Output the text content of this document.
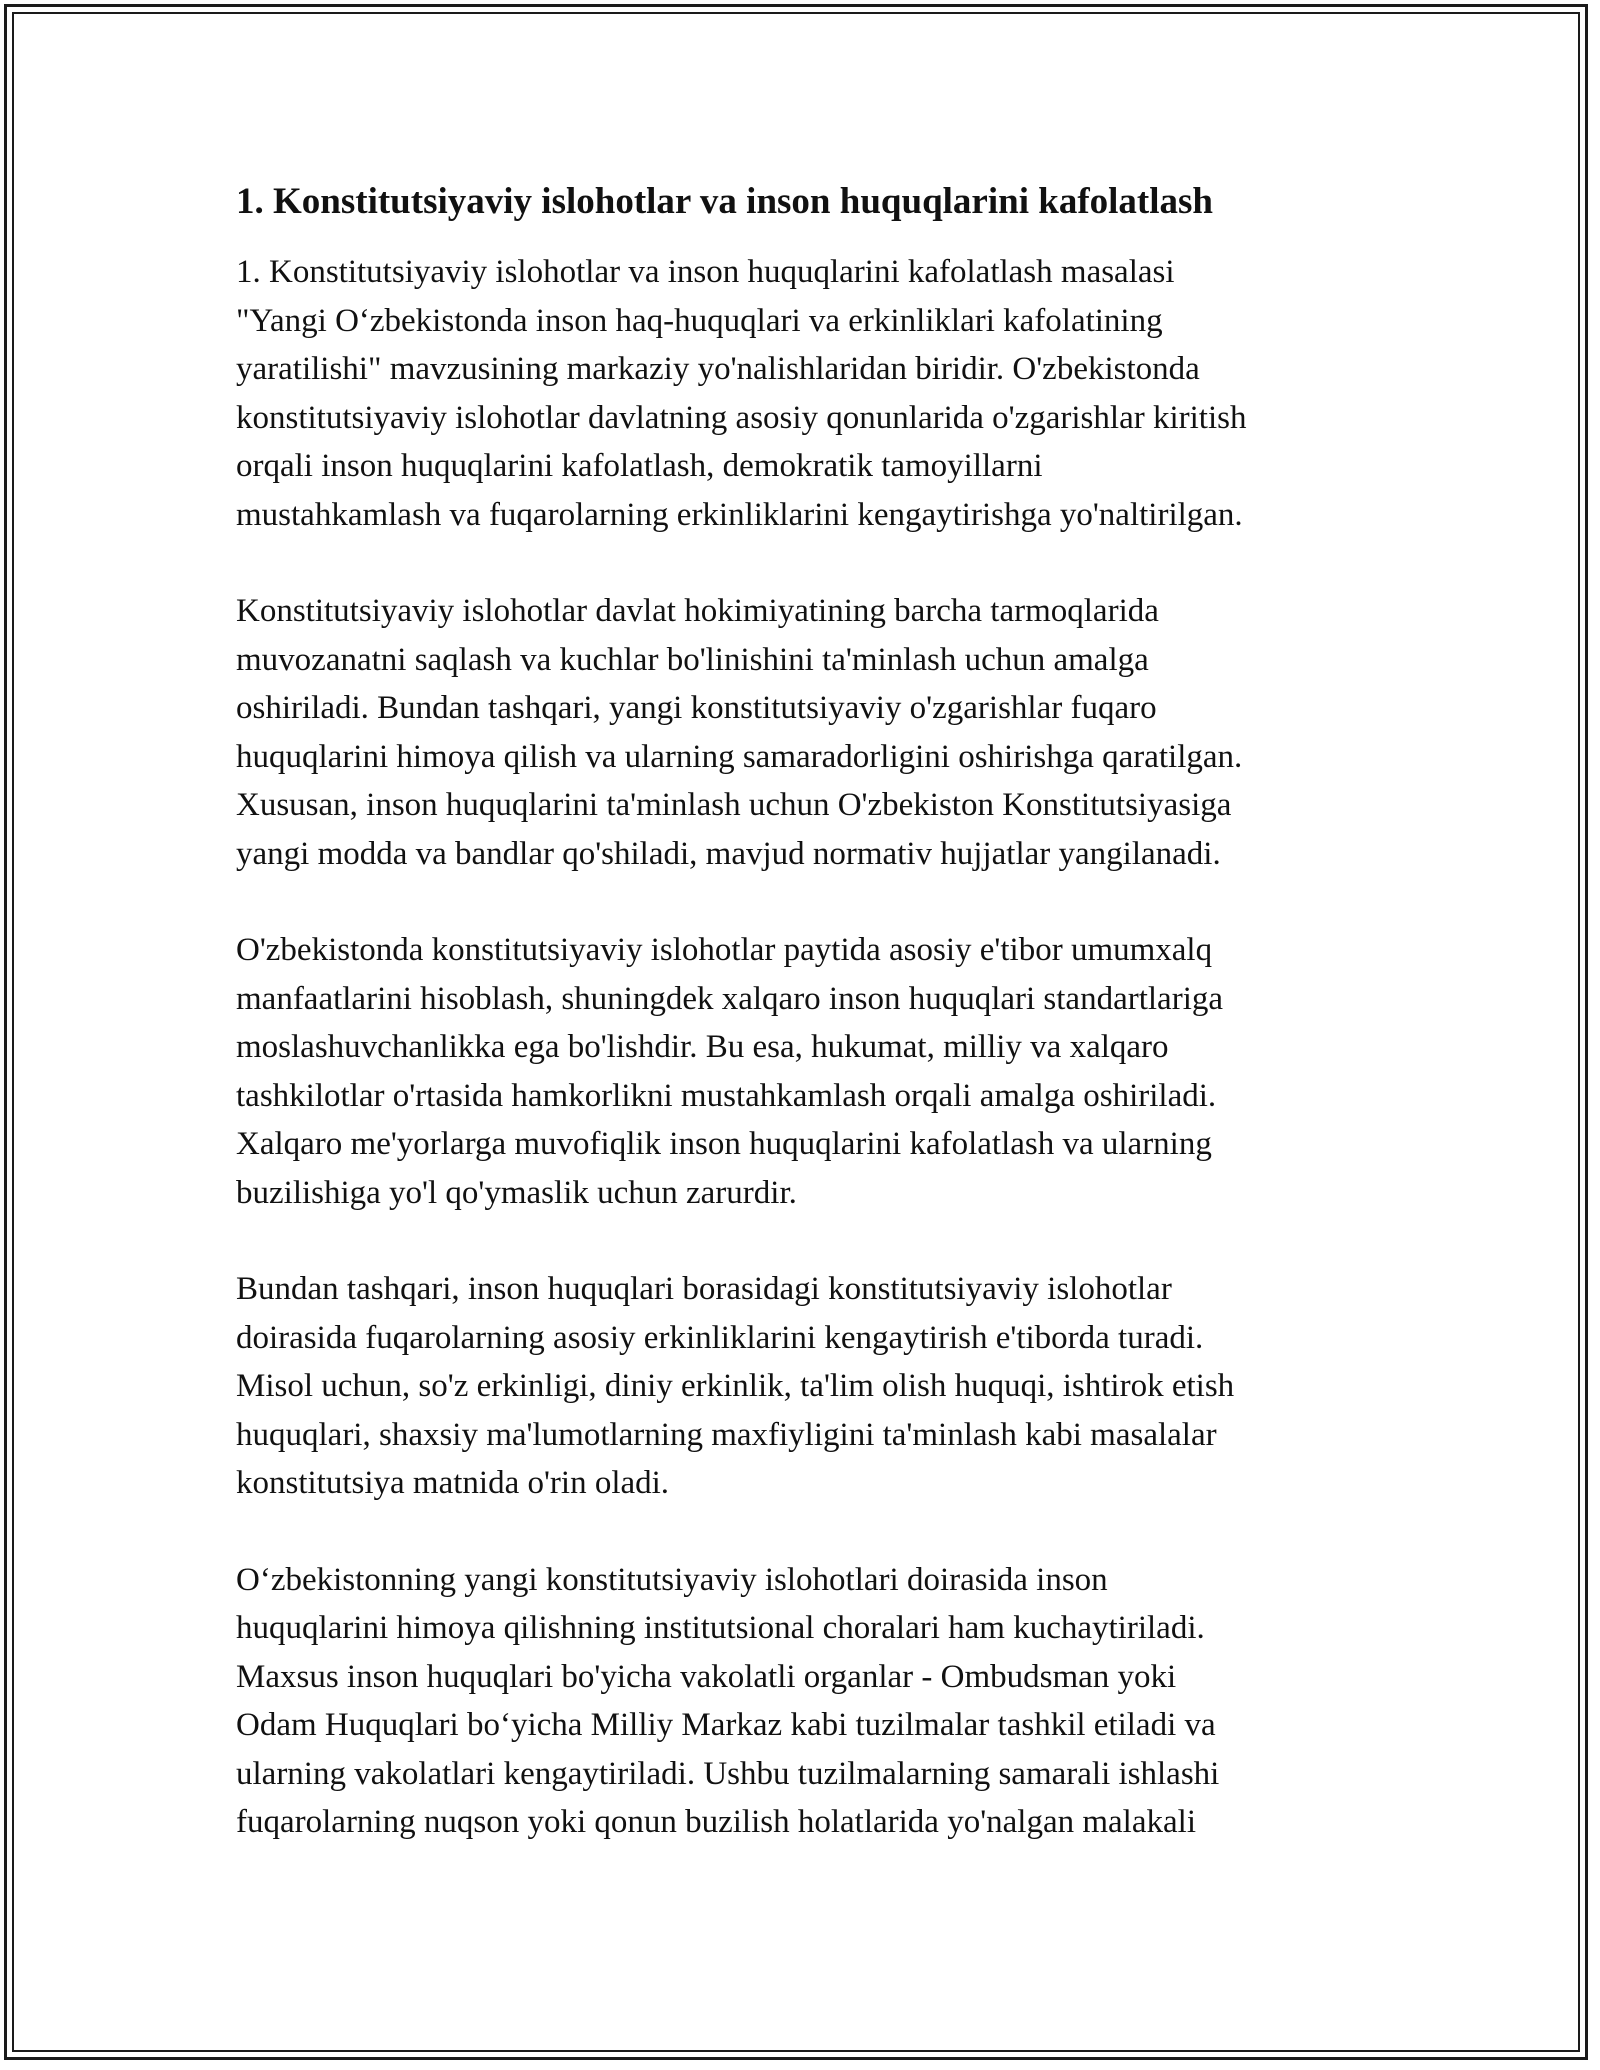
1. Konstitutsiyaviy islohotlar va inson huquqlarini kafolatlash
1. Konstitutsiyaviy islohotlar va inson huquqlarini kafolatlash masalasi
"Yangi O‘zbekistonda inson haq-huquqlari va erkinliklari kafolatining
yaratilishi" mavzusining markaziy yo'nalishlaridan biridir. O'zbekistonda
konstitutsiyaviy islohotlar davlatning asosiy qonunlarida o'zgarishlar kiritish
orqali inson huquqlarini kafolatlash, demokratik tamoyillarni
mustahkamlash va fuqarolarning erkinliklarini kengaytirishga yo'naltirilgan.
Konstitutsiyaviy islohotlar davlat hokimiyatining barcha tarmoqlarida
muvozanatni saqlash va kuchlar bo'linishini ta'minlash uchun amalga
oshiriladi. Bundan tashqari, yangi konstitutsiyaviy o'zgarishlar fuqaro
huquqlarini himoya qilish va ularning samaradorligini oshirishga qaratilgan.
Xususan, inson huquqlarini ta'minlash uchun O'zbekiston Konstitutsiyasiga
yangi modda va bandlar qo'shiladi, mavjud normativ hujjatlar yangilanadi.
O'zbekistonda konstitutsiyaviy islohotlar paytida asosiy e'tibor umumxalq
manfaatlarini hisoblash, shuningdek xalqaro inson huquqlari standartlariga
moslashuvchanlikka ega bo'lishdir. Bu esa, hukumat, milliy va xalqaro
tashkilotlar o'rtasida hamkorlikni mustahkamlash orqali amalga oshiriladi.
Xalqaro me'yorlarga muvofiqlik inson huquqlarini kafolatlash va ularning
buzilishiga yo'l qo'ymaslik uchun zarurdir.
Bundan tashqari, inson huquqlari borasidagi konstitutsiyaviy islohotlar
doirasida fuqarolarning asosiy erkinliklarini kengaytirish e'tiborda turadi.
Misol uchun, so'z erkinligi, diniy erkinlik, ta'lim olish huquqi, ishtirok etish
huquqlari, shaxsiy ma'lumotlarning maxfiyligini ta'minlash kabi masalalar
konstitutsiya matnida o'rin oladi.
O‘zbekistonning yangi konstitutsiyaviy islohotlari doirasida inson
huquqlarini himoya qilishning institutsional choralari ham kuchaytiriladi.
Maxsus inson huquqlari bo'yicha vakolatli organlar - Ombudsman yoki
Odam Huquqlari bo‘yicha Milliy Markaz kabi tuzilmalar tashkil etiladi va
ularning vakolatlari kengaytiriladi. Ushbu tuzilmalarning samarali ishlashi
fuqarolarning nuqson yoki qonun buzilish holatlarida yo'nalgan malakali
